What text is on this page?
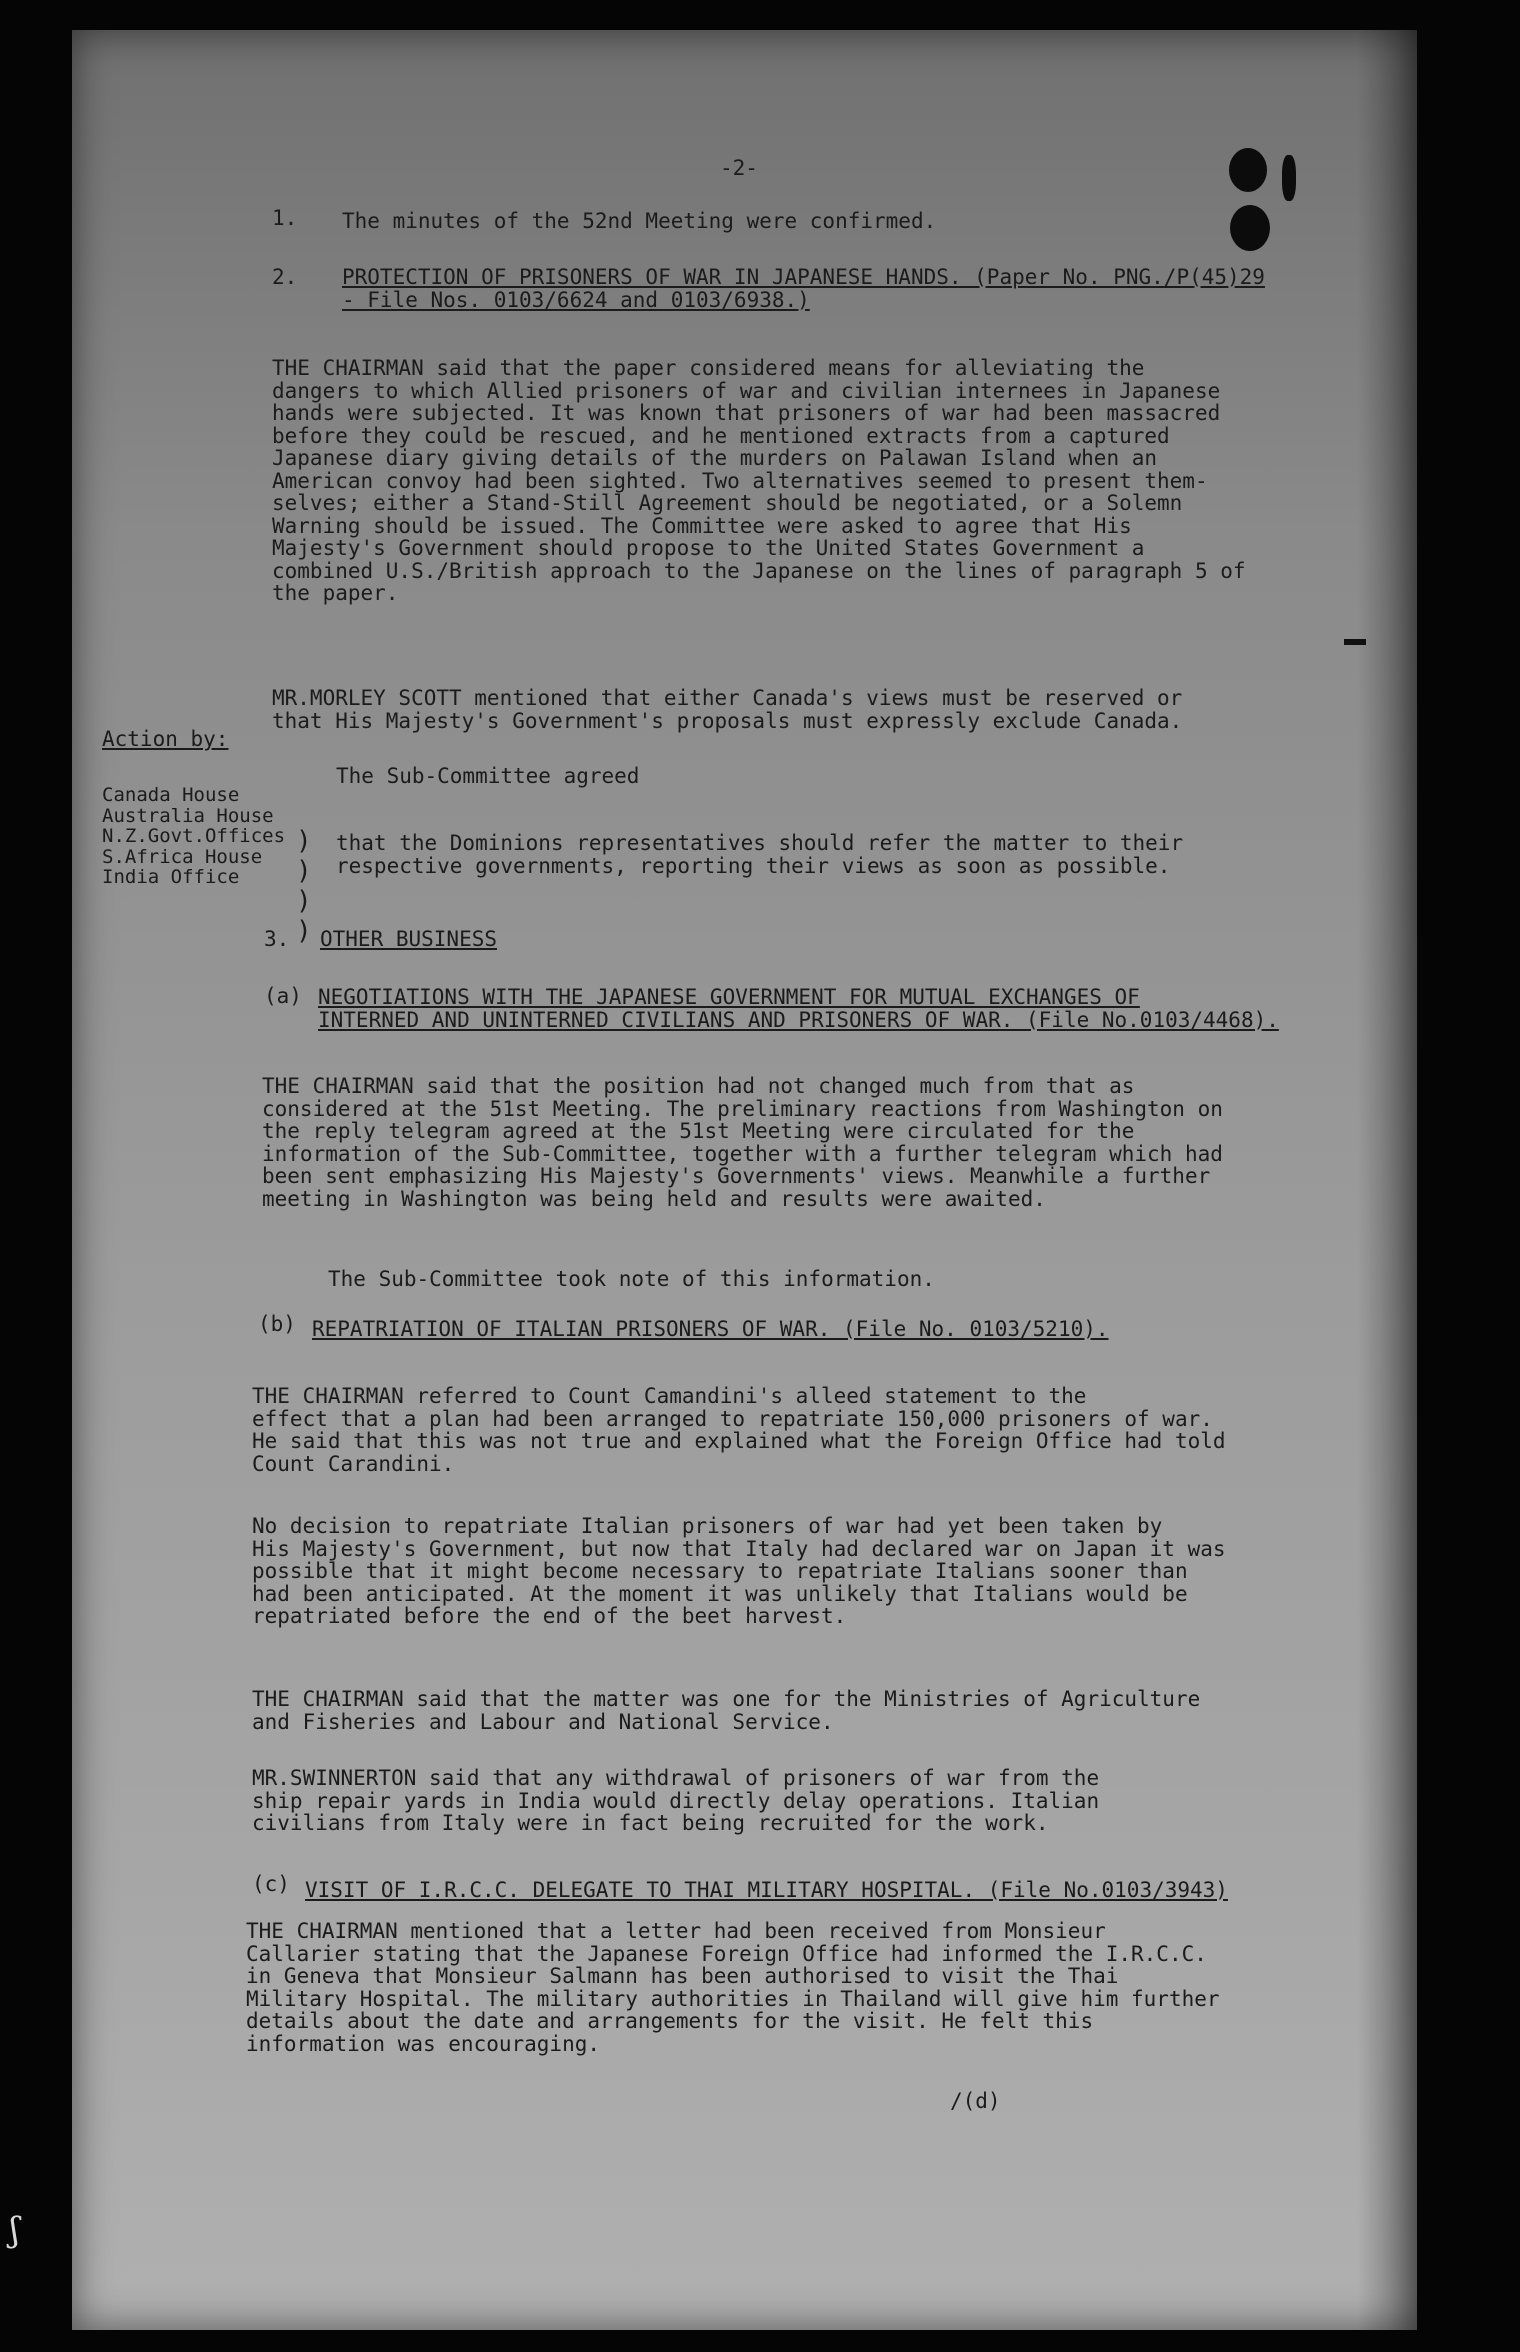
-2-

1. The minutes of the 52nd Meeting were confirmed.

2. PROTECTION OF PRISONERS OF WAR IN JAPANESE HANDS. (Paper No. PNG./P(45)29
- File Nos. 0103/6624 and 0103/6938.)

THE CHAIRMAN said that the paper considered means for alleviating the
dangers to which Allied prisoners of war and civilian internees in Japanese
hands were subjected. It was known that prisoners of war had been massacred
before they could be rescued, and he mentioned extracts from a captured
Japanese diary giving details of the murders on Palawan Island when an
American convoy had been sighted. Two alternatives seemed to present them-
selves; either a Stand-Still Agreement should be negotiated, or a Solemn
Warning should be issued. The Committee were asked to agree that His
Majesty's Government should propose to the United States Government a
combined U.S./British approach to the Japanese on the lines of paragraph 5 of
the paper.

MR.MORLEY SCOTT mentioned that either Canada's views must be reserved or
that His Majesty's Government's proposals must expressly exclude Canada.

Action by:

Canada House
Australia House
N.Z.Govt.Offices
S.Africa House
India Office

)
)
)
)

The Sub-Committee agreed

that the Dominions representatives should refer the matter to their
respective governments, reporting their views as soon as possible.

3. OTHER BUSINESS

(a) NEGOTIATIONS WITH THE JAPANESE GOVERNMENT FOR MUTUAL EXCHANGES OF
INTERNED AND UNINTERNED CIVILIANS AND PRISONERS OF WAR. (File No.0103/4468).

THE CHAIRMAN said that the position had not changed much from that as
considered at the 51st Meeting. The preliminary reactions from Washington on
the reply telegram agreed at the 51st Meeting were circulated for the
information of the Sub-Committee, together with a further telegram which had
been sent emphasizing His Majesty's Governments' views. Meanwhile a further
meeting in Washington was being held and results were awaited.

The Sub-Committee took note of this information.

(b) REPATRIATION OF ITALIAN PRISONERS OF WAR. (File No. 0103/5210).

THE CHAIRMAN referred to Count Camandini's alleed statement to the
effect that a plan had been arranged to repatriate 150,000 prisoners of war.
He said that this was not true and explained what the Foreign Office had told
Count Carandini.

No decision to repatriate Italian prisoners of war had yet been taken by
His Majesty's Government, but now that Italy had declared war on Japan it was
possible that it might become necessary to repatriate Italians sooner than
had been anticipated. At the moment it was unlikely that Italians would be
repatriated before the end of the beet harvest.

THE CHAIRMAN said that the matter was one for the Ministries of Agriculture
and Fisheries and Labour and National Service.

MR.SWINNERTON said that any withdrawal of prisoners of war from the
ship repair yards in India would directly delay operations. Italian
civilians from Italy were in fact being recruited for the work.

(c) VISIT OF I.R.C.C. DELEGATE TO THAI MILITARY HOSPITAL. (File No.0103/3943)

THE CHAIRMAN mentioned that a letter had been received from Monsieur
Callarier stating that the Japanese Foreign Office had informed the I.R.C.C.
in Geneva that Monsieur Salmann has been authorised to visit the Thai
Military Hospital. The military authorities in Thailand will give him further
details about the date and arrangements for the visit. He felt this
information was encouraging.

/(d)

ʃ
